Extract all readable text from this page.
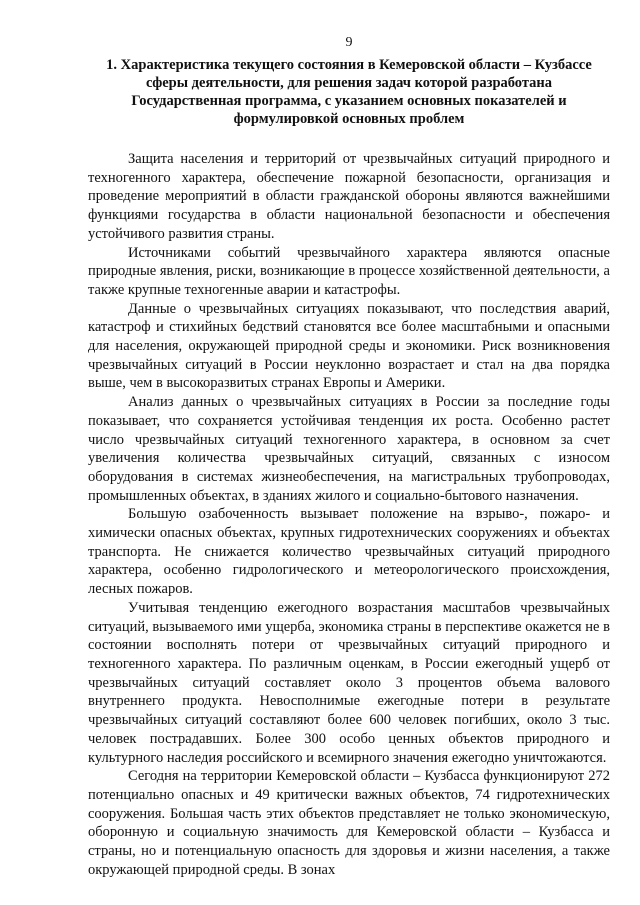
9
1. Характеристика текущего состояния в Кемеровской области – Кузбассе
сферы деятельности, для решения задач которой разработана
Государственная программа, с указанием основных показателей и
формулировкой основных проблем

Защита населения и территорий от чрезвычайных ситуаций природного и техногенного характера, обеспечение пожарной безопасности, организация и проведение мероприятий в области гражданской обороны являются важнейшими функциями государства в области национальной безопасности и обеспечения устойчивого развития страны.

Источниками событий чрезвычайного характера являются опасные природные явления, риски, возникающие в процессе хозяйственной деятельности, а также крупные техногенные аварии и катастрофы.

Данные о чрезвычайных ситуациях показывают, что последствия аварий, катастроф и стихийных бедствий становятся все более масштабными и опасными для населения, окружающей природной среды и экономики. Риск возникновения чрезвычайных ситуаций в России неуклонно возрастает и стал на два порядка выше, чем в высокоразвитых странах Европы и Америки.

Анализ данных о чрезвычайных ситуациях в России за последние годы показывает, что сохраняется устойчивая тенденция их роста. Особенно растет число чрезвычайных ситуаций техногенного характера, в основном за счет увеличения количества чрезвычайных ситуаций, связанных с износом оборудования в системах жизнеобеспечения, на магистральных трубопроводах, промышленных объектах, в зданиях жилого и социально-бытового назначения.

Большую озабоченность вызывает положение на взрыво-, пожаро- и химически опасных объектах, крупных гидротехнических сооружениях и объектах транспорта. Не снижается количество чрезвычайных ситуаций природного характера, особенно гидрологического и метеорологического происхождения, лесных пожаров.

Учитывая тенденцию ежегодного возрастания масштабов чрезвычайных ситуаций, вызываемого ими ущерба, экономика страны в перспективе окажется не в состоянии восполнять потери от чрезвычайных ситуаций природного и техногенного характера. По различным оценкам, в России ежегодный ущерб от чрезвычайных ситуаций составляет около 3 процентов объема валового внутреннего продукта. Невосполнимые ежегодные потери в результате чрезвычайных ситуаций составляют более 600 человек погибших, около 3 тыс. человек пострадавших. Более 300 особо ценных объектов природного и культурного наследия российского и всемирного значения ежегодно уничтожаются.

Сегодня на территории Кемеровской области – Кузбасса функционируют 272 потенциально опасных и 49 критически важных объектов, 74 гидротехнических сооружения. Большая часть этих объектов представляет не только экономическую, оборонную и социальную значимость для Кемеровской области – Кузбасса и страны, но и потенциальную опасность для здоровья и жизни населения, а также окружающей природной среды. В зонах
